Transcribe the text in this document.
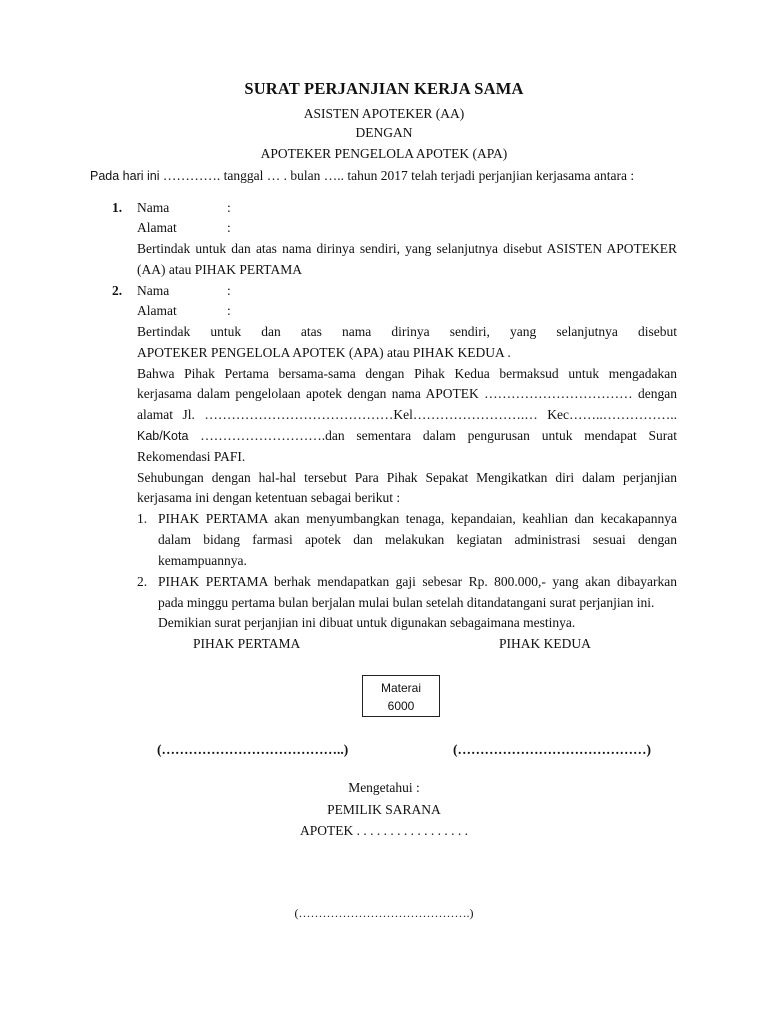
SURAT PERJANJIAN KERJA SAMA
ASISTEN APOTEKER (AA)
DENGAN
APOTEKER PENGELOLA APOTEK (APA)
Pada hari ini …………. tanggal … . bulan ….. tahun 2017 telah terjadi perjanjian kerjasama antara :
1. Nama	:
Alamat	:
Bertindak untuk dan atas nama dirinya sendiri, yang selanjutnya disebut ASISTEN APOTEKER
(AA) atau PIHAK PERTAMA
2. Nama	:
Alamat	:
Bertindak untuk dan atas nama dirinya sendiri, yang selanjutnya disebut
APOTEKER PENGELOLA APOTEK (APA) atau PIHAK KEDUA .
Bahwa Pihak Pertama bersama-sama dengan Pihak Kedua bermaksud untuk mengadakan
kerjasama dalam pengelolaan apotek dengan nama APOTEK …………………………… dengan
alamat Jl. ……………………………………Kel…………………….… Kec……..……………..
Kab/Kota ……………………….dan sementara dalam pengurusan untuk mendapat Surat
Rekomendasi PAFI.
Sehubungan dengan hal-hal tersebut Para Pihak Sepakat Mengikatkan diri dalam perjanjian
kerjasama ini dengan ketentuan sebagai berikut :
1. PIHAK PERTAMA akan menyumbangkan tenaga, kepandaian, keahlian dan kecakapannya
dalam bidang farmasi apotek dan melakukan kegiatan administrasi sesuai dengan
kemampuannya.
2. PIHAK PERTAMA berhak mendapatkan gaji sebesar Rp. 800.000,- yang akan dibayarkan
pada minggu pertama bulan berjalan mulai bulan setelah ditandatangani surat perjanjian ini.
Demikian surat perjanjian ini dibuat untuk digunakan sebagaimana mestinya.
PIHAK PERTAMA	PIHAK KEDUA
Materai
6000
(…………………………………..)	(……………………………………)
Mengetahui :
PEMILIK SARANA
APOTEK . . . . . . . . . . . . . . . . .
(…………………………………….)
